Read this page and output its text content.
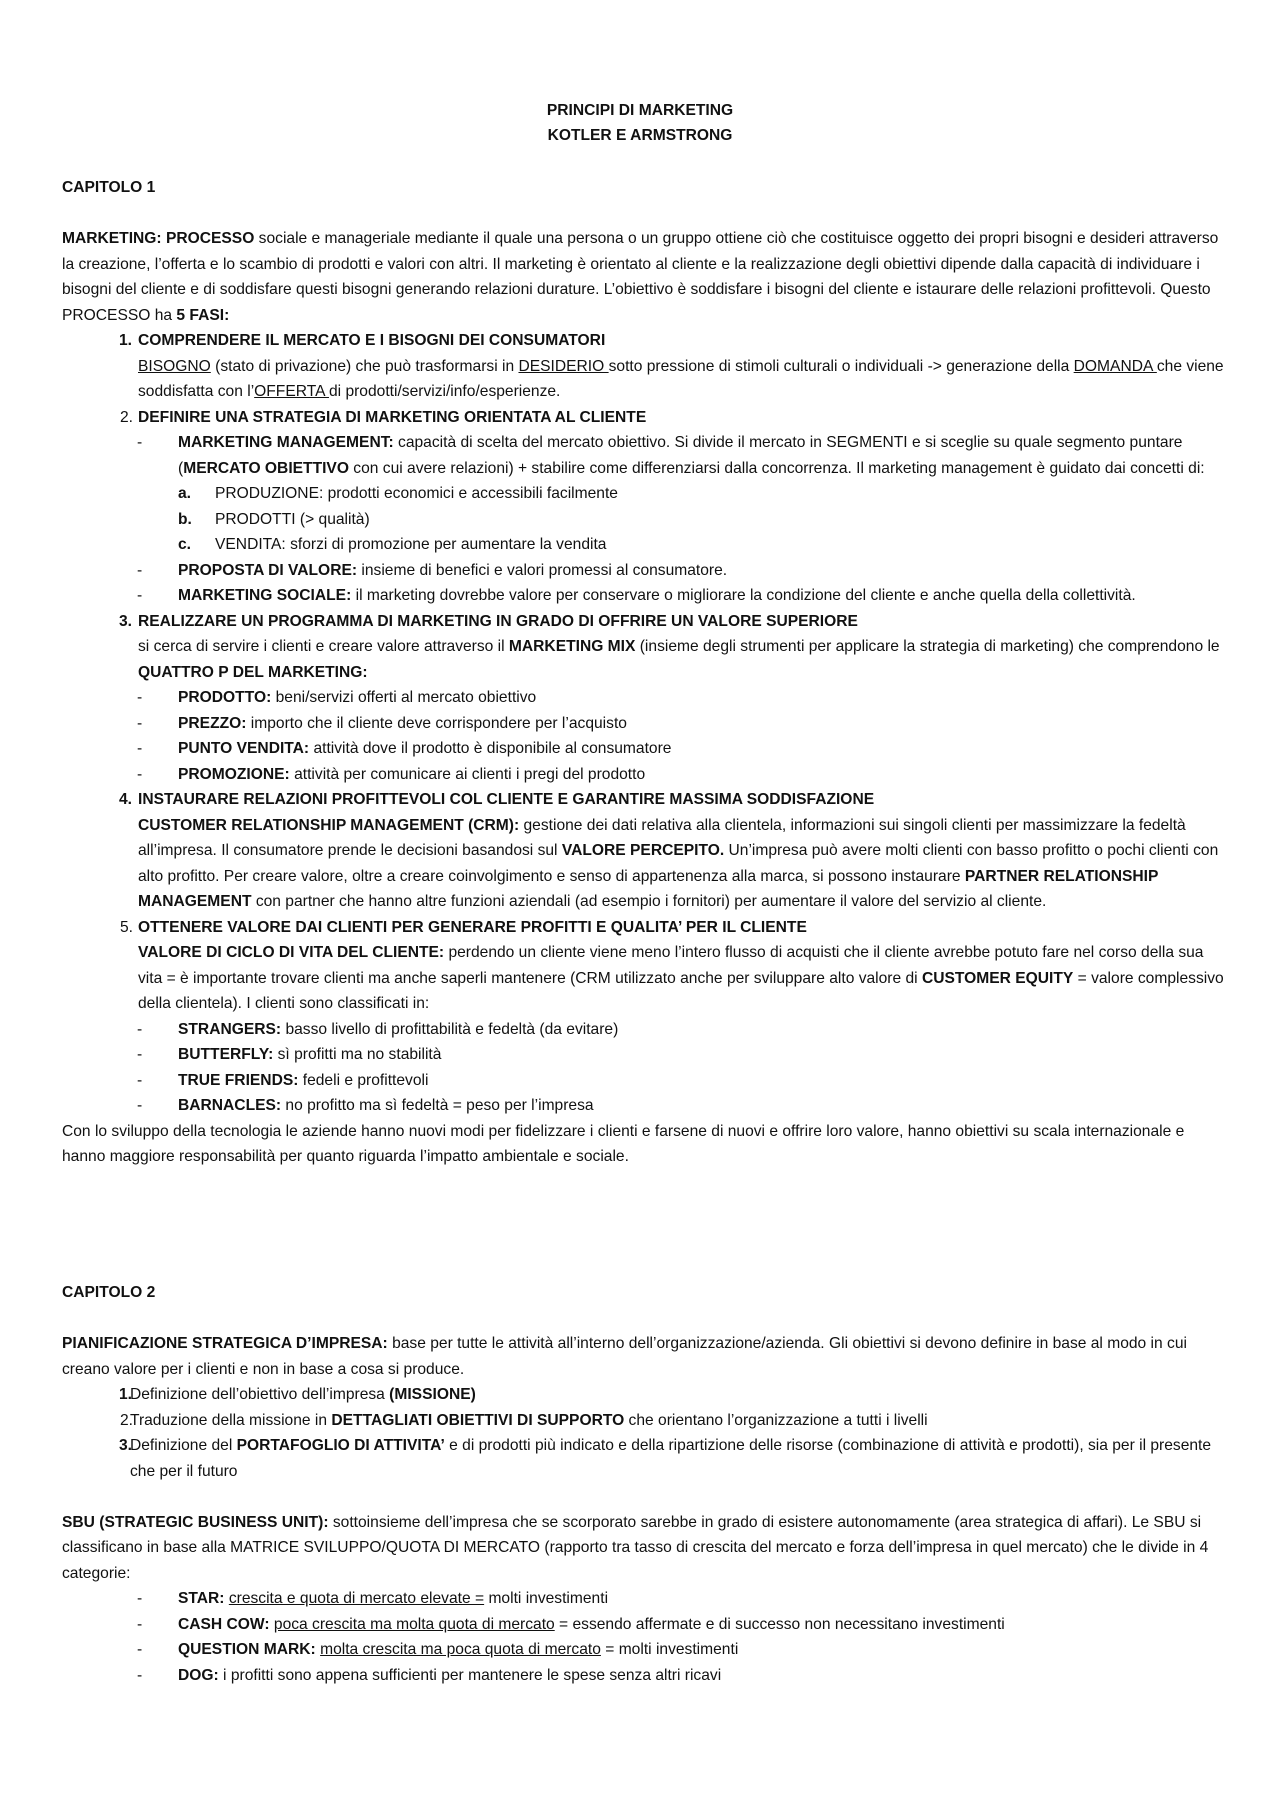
PRINCIPI DI MARKETING
KOTLER E ARMSTRONG

CAPITOLO 1

MARKETING: PROCESSO sociale e manageriale mediante il quale una persona o un gruppo ottiene ciò che costituisce oggetto dei propri bisogni e desideri attraverso la creazione, l’offerta e lo scambio di prodotti e valori con altri. Il marketing è orientato al cliente e la realizzazione degli obiettivi dipende dalla capacità di individuare i bisogni del cliente e di soddisfare questi bisogni generando relazioni durature. L’obiettivo è soddisfare i bisogni del cliente e istaurare delle relazioni profittevoli. Questo PROCESSO ha 5 FASI:

1. COMPRENDERE IL MERCATO E I BISOGNI DEI CONSUMATORI

BISOGNO (stato di privazione) che può trasformarsi in DESIDERIO sotto pressione di stimoli culturali o individuali -> generazione della DOMANDA che viene soddisfatta con l’OFFERTA di prodotti/servizi/info/esperienze.

2. DEFINIRE UNA STRATEGIA DI MARKETING ORIENTATA AL CLIENTE

- MARKETING MANAGEMENT: capacità di scelta del mercato obiettivo. Si divide il mercato in SEGMENTI e si sceglie su quale segmento puntare (MERCATO OBIETTIVO con cui avere relazioni) + stabilire come differenziarsi dalla concorrenza. Il marketing management è guidato dai concetti di:

a. PRODUZIONE: prodotti economici e accessibili facilmente

b. PRODOTTI (> qualità)

c. VENDITA: sforzi di promozione per aumentare la vendita

- PROPOSTA DI VALORE: insieme di benefici e valori promessi al consumatore.

- MARKETING SOCIALE: il marketing dovrebbe valore per conservare o migliorare la condizione del cliente e anche quella della collettività.

3. REALIZZARE UN PROGRAMMA DI MARKETING IN GRADO DI OFFRIRE UN VALORE SUPERIORE

si cerca di servire i clienti e creare valore attraverso il MARKETING MIX (insieme degli strumenti per applicare la strategia di marketing) che comprendono le QUATTRO P DEL MARKETING:

- PRODOTTO: beni/servizi offerti al mercato obiettivo

- PREZZO: importo che il cliente deve corrispondere per l’acquisto

- PUNTO VENDITA: attività dove il prodotto è disponibile al consumatore

- PROMOZIONE: attività per comunicare ai clienti i pregi del prodotto

4. INSTAURARE RELAZIONI PROFITTEVOLI COL CLIENTE E GARANTIRE MASSIMA SODDISFAZIONE

CUSTOMER RELATIONSHIP MANAGEMENT (CRM): gestione dei dati relativa alla clientela, informazioni sui singoli clienti per massimizzare la fedeltà all’impresa. Il consumatore prende le decisioni basandosi sul VALORE PERCEPITO. Un’impresa può avere molti clienti con basso profitto o pochi clienti con alto profitto. Per creare valore, oltre a creare coinvolgimento e senso di appartenenza alla marca, si possono instaurare PARTNER RELATIONSHIP MANAGEMENT con partner che hanno altre funzioni aziendali (ad esempio i fornitori) per aumentare il valore del servizio al cliente.

5. OTTENERE VALORE DAI CLIENTI PER GENERARE PROFITTI E QUALITA’ PER IL CLIENTE

VALORE DI CICLO DI VITA DEL CLIENTE: perdendo un cliente viene meno l’intero flusso di acquisti che il cliente avrebbe potuto fare nel corso della sua vita = è importante trovare clienti ma anche saperli mantenere (CRM utilizzato anche per sviluppare alto valore di CUSTOMER EQUITY = valore complessivo della clientela). I clienti sono classificati in:

- STRANGERS: basso livello di profittabilità e fedeltà (da evitare)

- BUTTERFLY: sì profitti ma no stabilità

- TRUE FRIENDS: fedeli e profittevoli

- BARNACLES: no profitto ma sì fedeltà = peso per l’impresa

Con lo sviluppo della tecnologia le aziende hanno nuovi modi per fidelizzare i clienti e farsene di nuovi e offrire loro valore, hanno obiettivi su scala internazionale e hanno maggiore responsabilità per quanto riguarda l’impatto ambientale e sociale.

CAPITOLO 2

PIANIFICAZIONE STRATEGICA D’IMPRESA: base per tutte le attività all’interno dell’organizzazione/azienda. Gli obiettivi si devono definire in base al modo in cui creano valore per i clienti e non in base a cosa si produce.

1.

Definizione dell’obiettivo dell’impresa (MISSIONE)

2.

Traduzione della missione in DETTAGLIATI OBIETTIVI DI SUPPORTO che orientano l’organizzazione a tutti i livelli

3.

Definizione del PORTAFOGLIO DI ATTIVITA’ e di prodotti più indicato e della ripartizione delle risorse (combinazione di attività e prodotti), sia per il presente che per il futuro

SBU (STRATEGIC BUSINESS UNIT): sottoinsieme dell’impresa che se scorporato sarebbe in grado di esistere autonomamente (area strategica di affari). Le SBU si classificano in base alla MATRICE SVILUPPO/QUOTA DI MERCATO (rapporto tra tasso di crescita del mercato e forza dell’impresa in quel mercato) che le divide in 4 categorie:

- STAR: crescita e quota di mercato elevate = molti investimenti

- CASH COW: poca crescita ma molta quota di mercato = essendo affermate e di successo non necessitano investimenti

- QUESTION MARK: molta crescita ma poca quota di mercato = molti investimenti

- DOG: i profitti sono appena sufficienti per mantenere le spese senza altri ricavi
